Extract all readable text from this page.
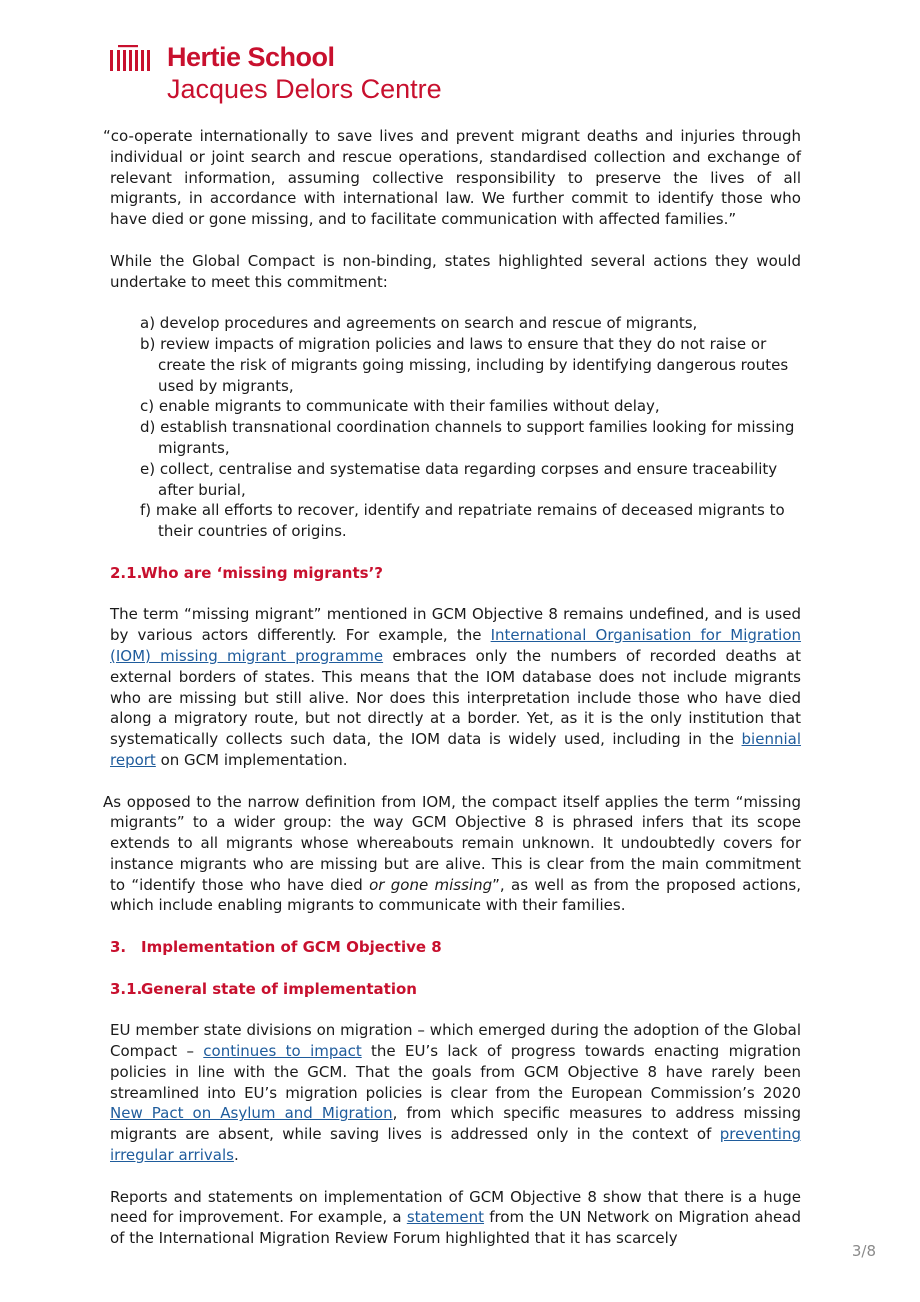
Hertie School
Jacques Delors Centre

“co-operate internationally to save lives and prevent migrant deaths and injuries through individual or joint search and rescue operations, standardised collection and exchange of relevant information, assuming collective responsibility to preserve the lives of all migrants, in accordance with international law. We further commit to identify those who have died or gone missing, and to facilitate communication with affected families.”

While the Global Compact is non-binding, states highlighted several actions they would undertake to meet this commitment:

a) develop procedures and agreements on search and rescue of migrants,
b) review impacts of migration policies and laws to ensure that they do not raise or create the risk of migrants going missing, including by identifying dangerous routes used by migrants,
c) enable migrants to communicate with their families without delay,
d) establish transnational coordination channels to support families looking for missing migrants,
e) collect, centralise and systematise data regarding corpses and ensure traceability after burial,
f) make all efforts to recover, identify and repatriate remains of deceased migrants to their countries of origins.
2.1.Who are ‘missing migrants’?

The term “missing migrant” mentioned in GCM Objective 8 remains undefined, and is used by various actors differently. For example, the International Organisation for Migration (IOM) missing migrant programme embraces only the numbers of recorded deaths at external borders of states. This means that the IOM database does not include migrants who are missing but still alive. Nor does this interpretation include those who have died along a migratory route, but not directly at a border. Yet, as it is the only institution that systematically collects such data, the IOM data is widely used, including in the biennial report on GCM implementation.

As opposed to the narrow definition from IOM, the compact itself applies the term “missing migrants” to a wider group: the way GCM Objective 8 is phrased infers that its scope extends to all migrants whose whereabouts remain unknown. It undoubtedly covers for instance migrants who are missing but are alive. This is clear from the main commitment to “identify those who have died or gone missing”, as well as from the proposed actions, which include enabling migrants to communicate with their families.

3. Implementation of GCM Objective 8
3.1.General state of implementation

EU member state divisions on migration – which emerged during the adoption of the Global Compact – continues to impact the EU’s lack of progress towards enacting migration policies in line with the GCM. That the goals from GCM Objective 8 have rarely been streamlined into EU’s migration policies is clear from the European Commission’s 2020 New Pact on Asylum and Migration, from which specific measures to address missing migrants are absent, while saving lives is addressed only in the context of preventing irregular arrivals.

Reports and statements on implementation of GCM Objective 8 show that there is a huge need for improvement. For example, a statement from the UN Network on Migration ahead of the International Migration Review Forum highlighted that it has scarcely

3/8
